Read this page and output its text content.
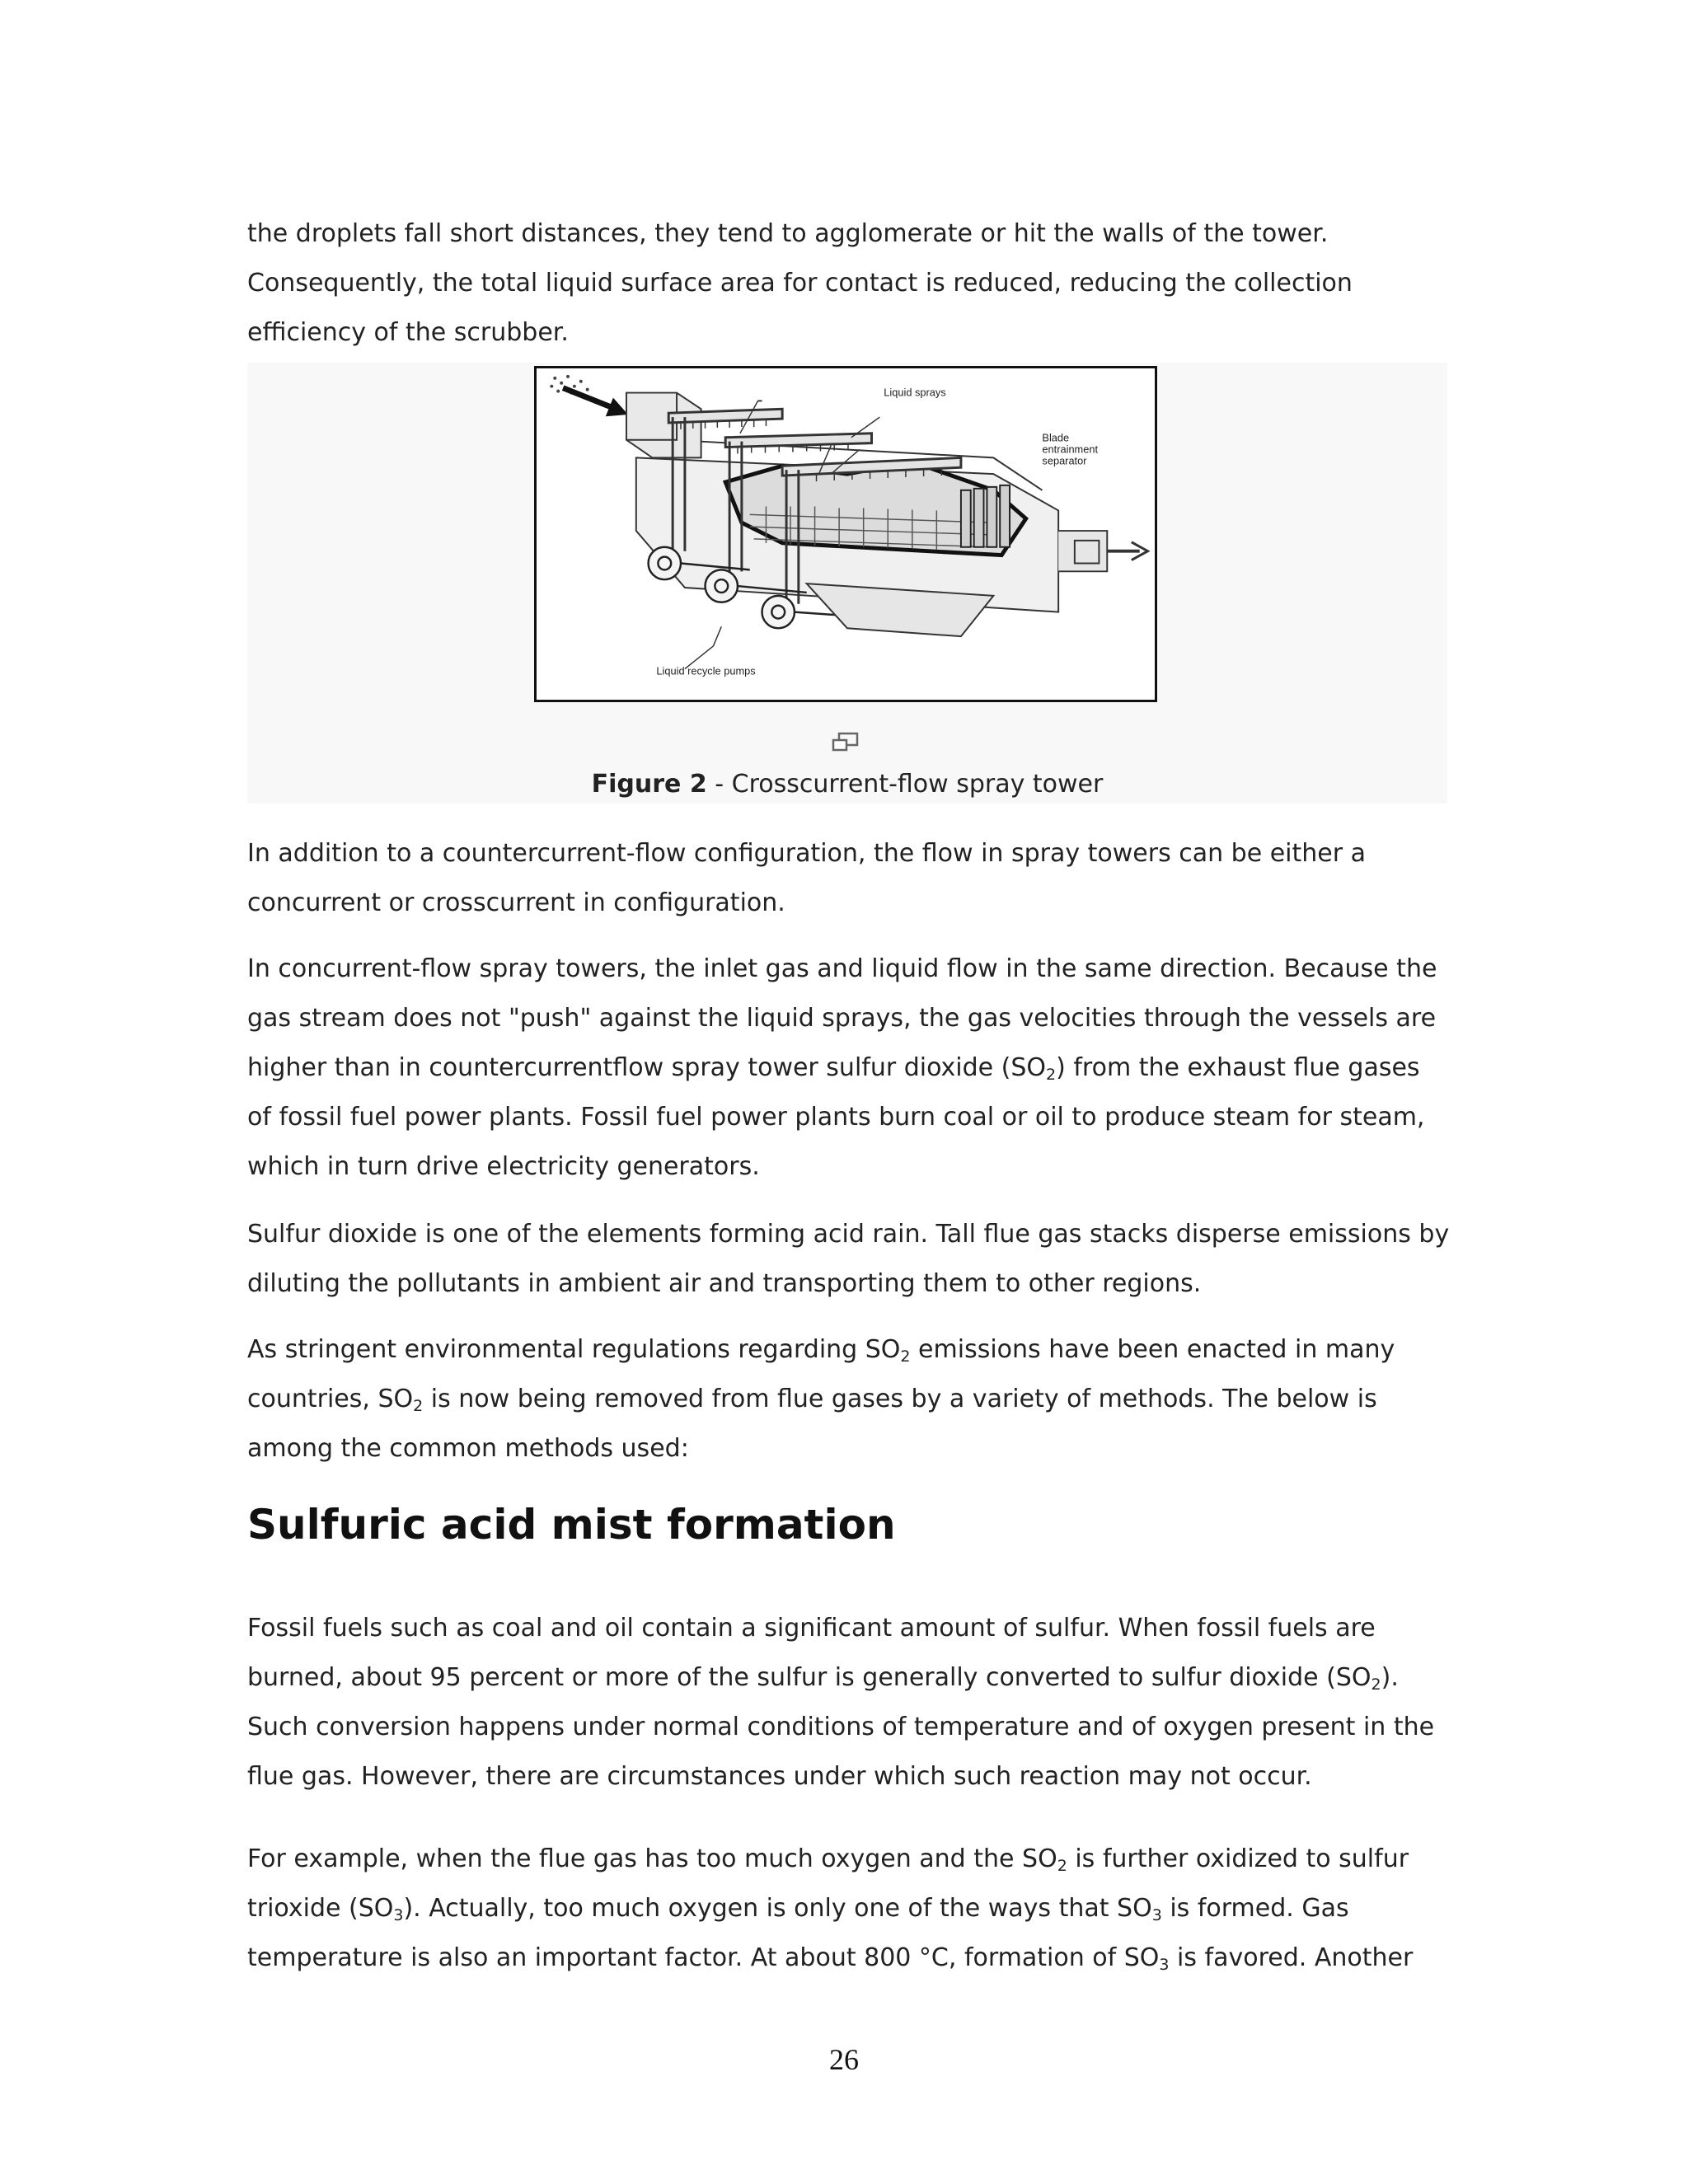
the droplets fall short distances, they tend to agglomerate or hit the walls of the tower. Consequently, the total liquid surface area for contact is reduced, reducing the collection efficiency of the scrubber.

Liquid sprays
Blade
entrainment
separator
Liquid recycle pumps
Figure 2 - Crosscurrent-flow spray tower

In addition to a countercurrent-flow configuration, the flow in spray towers can be either a concurrent or crosscurrent in configuration.

In concurrent-flow spray towers, the inlet gas and liquid flow in the same direction. Because the gas stream does not "push" against the liquid sprays, the gas velocities through the vessels are higher than in countercurrentflow spray tower sulfur dioxide $(SO_2)$ from the exhaust flue gases of fossil fuel power plants. Fossil fuel power plants burn coal or oil to produce steam for steam, which in turn drive electricity generators.

Sulfur dioxide is one of the elements forming acid rain. Tall flue gas stacks disperse emissions by diluting the pollutants in ambient air and transporting them to other regions.

As stringent environmental regulations regarding $SO_2$ emissions have been enacted in many countries, $SO_2$ is now being removed from flue gases by a variety of methods. The below is among the common methods used:

Sulfuric acid mist formation

Fossil fuels such as coal and oil contain a significant amount of sulfur. When fossil fuels are burned, about 95 percent or more of the sulfur is generally converted to sulfur dioxide $(SO_2)$. Such conversion happens under normal conditions of temperature and of oxygen present in the flue gas. However, there are circumstances under which such reaction may not occur.

For example, when the flue gas has too much oxygen and the $SO_2$ is further oxidized to sulfur trioxide $(SO_3)$. Actually, too much oxygen is only one of the ways that $SO_3$ is formed. Gas temperature is also an important factor. At about 800 °C, formation of $SO_3$ is favored. Another

26
